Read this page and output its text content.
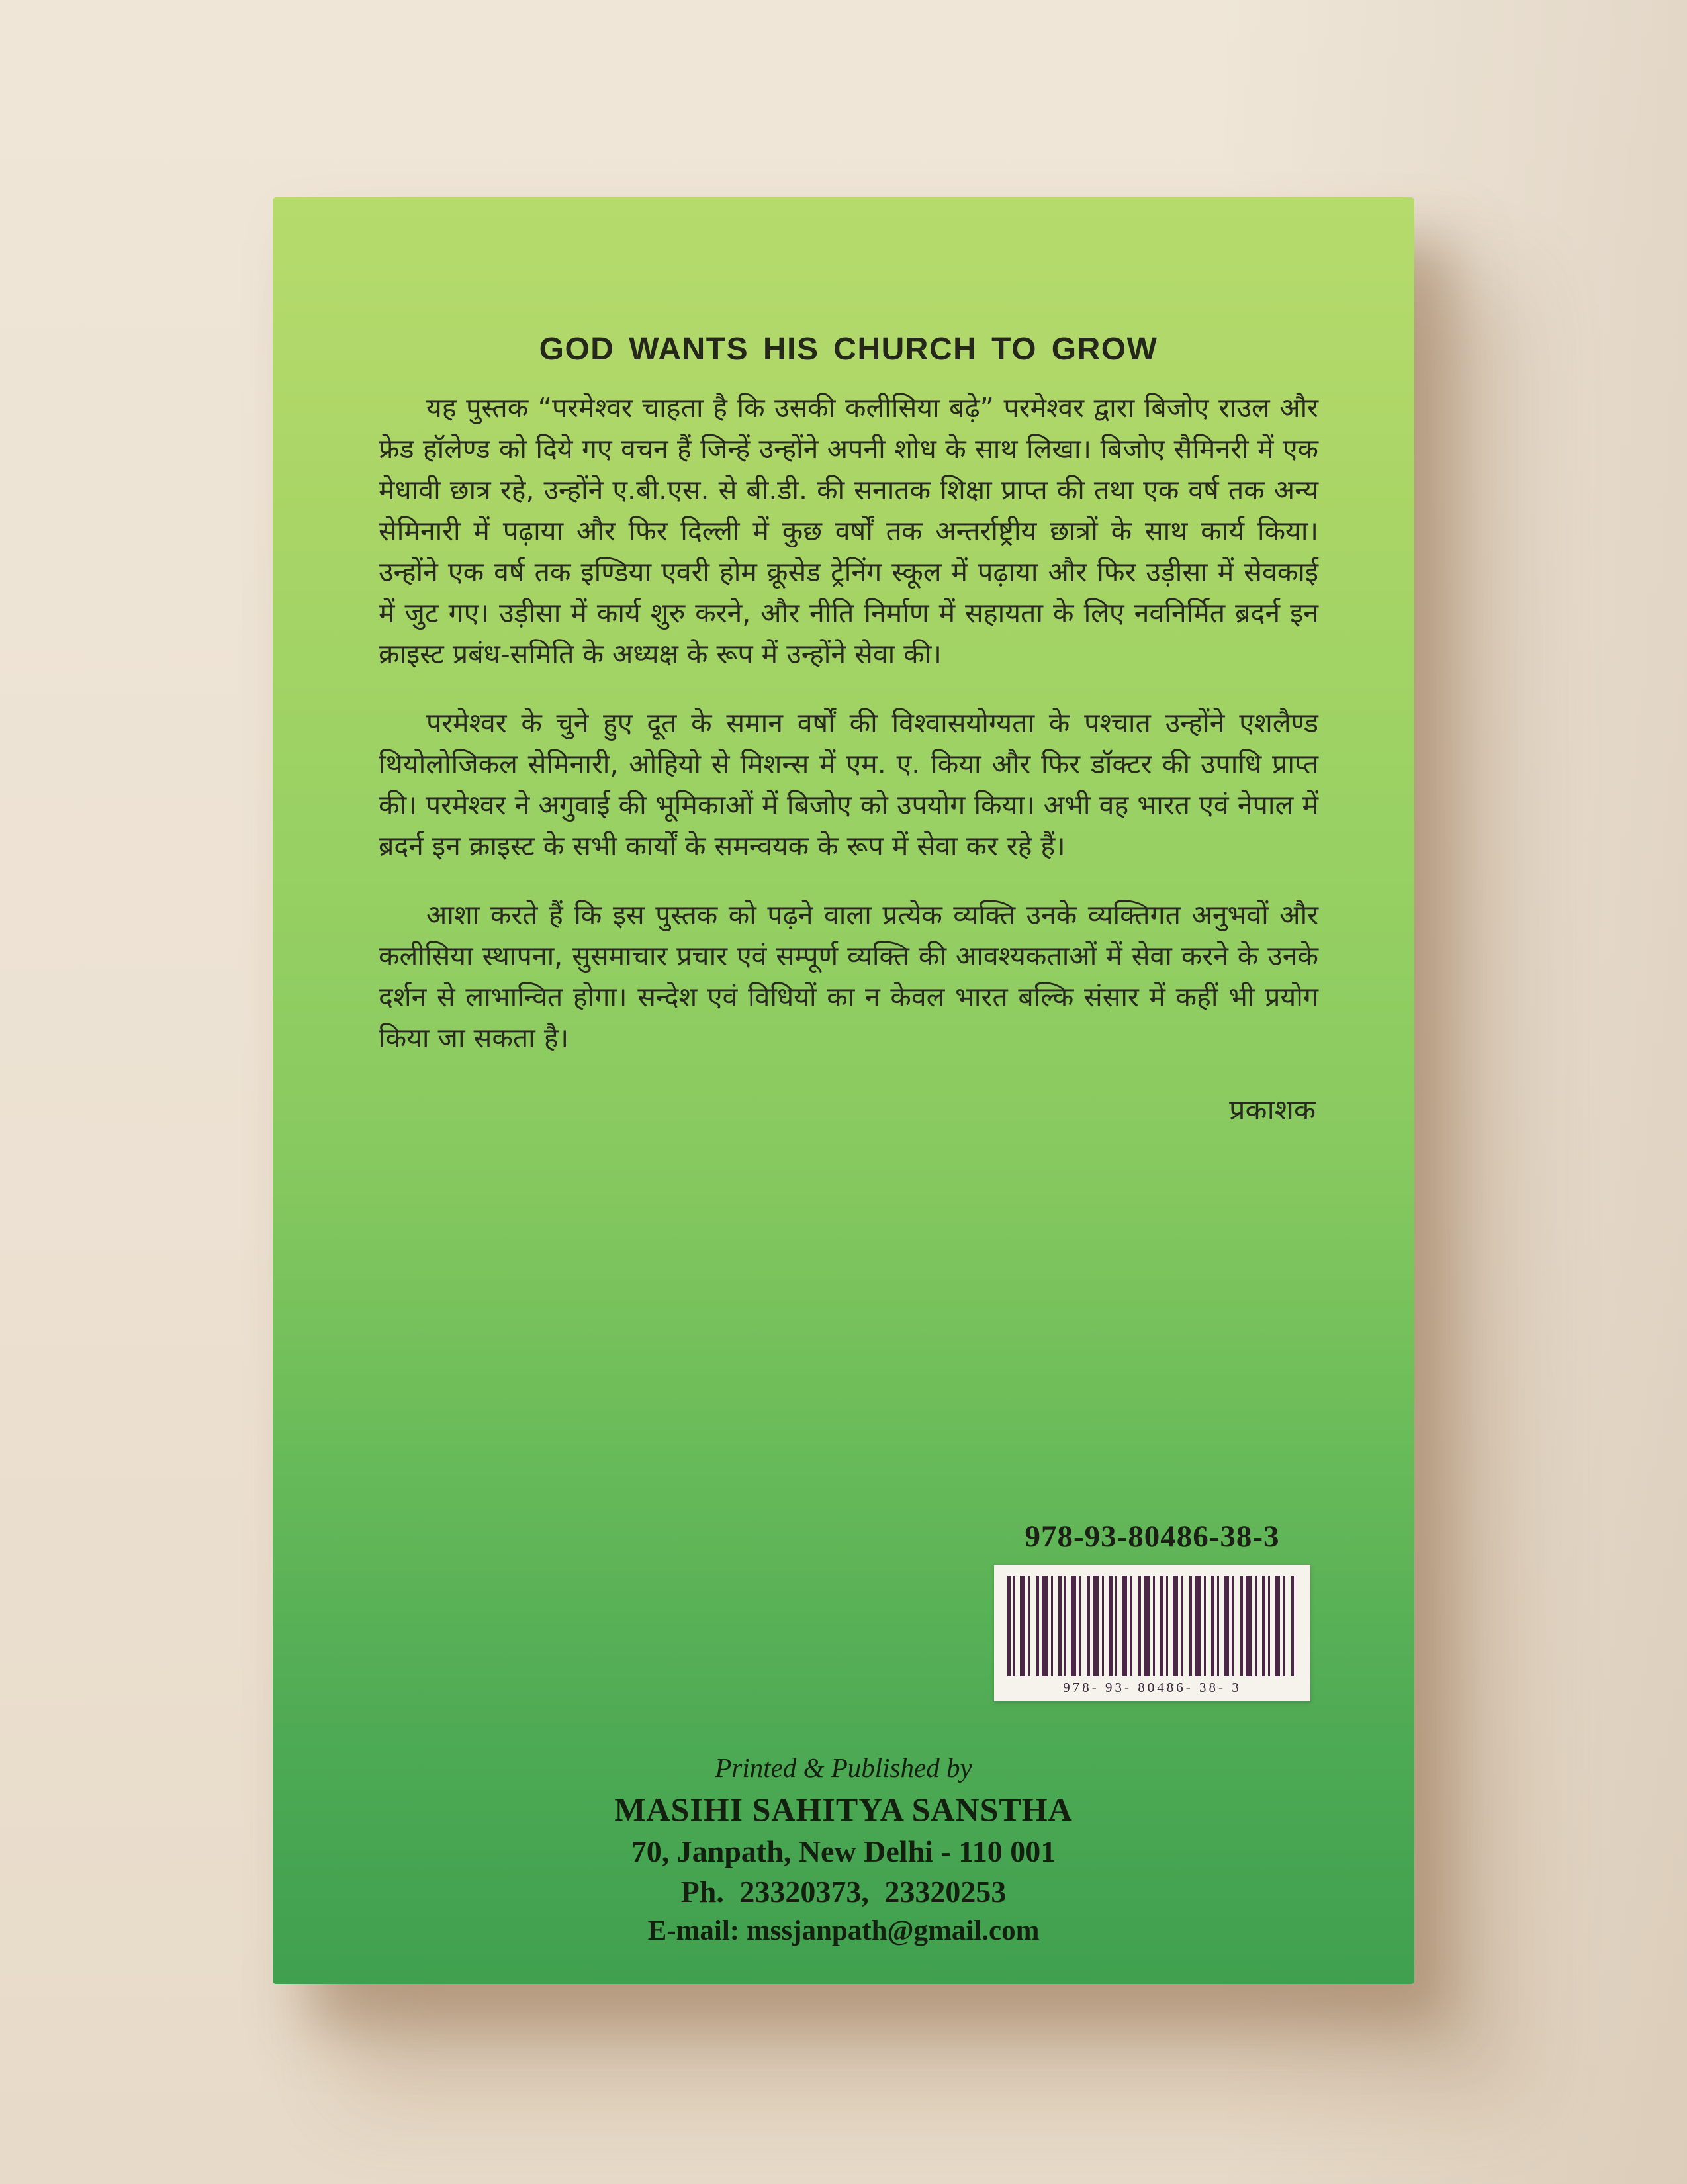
GOD WANTS HIS CHURCH TO GROW

यह पुस्तक “परमेश्वर चाहता है कि उसकी कलीसिया बढ़े” परमेश्वर द्वारा बिजोए राउल और फ्रेड हॉलेण्ड को दिये गए वचन हैं जिन्हें उन्होंने अपनी शोध के साथ लिखा। बिजोए सैमिनरी में एक मेधावी छात्र रहे, उन्होंने ए.बी.एस. से बी.डी. की सनातक शिक्षा प्राप्त की तथा एक वर्ष तक अन्य सेमिनारी में पढ़ाया और फिर दिल्ली में कुछ वर्षों तक अन्तर्राष्ट्रीय छात्रों के साथ कार्य किया। उन्होंने एक वर्ष तक इण्डिया एवरी होम क्रूसेड ट्रेनिंग स्कूल में पढ़ाया और फिर उड़ीसा में सेवकाई में जुट गए। उड़ीसा में कार्य शुरु करने, और नीति निर्माण में सहायता के लिए नवनिर्मित ब्रदर्न इन क्राइस्ट प्रबंध-समिति के अध्यक्ष के रूप में उन्होंने सेवा की।

परमेश्वर के चुने हुए दूत के समान वर्षों की विश्वासयोग्यता के पश्चात उन्होंने एशलैण्ड थियोलोजिकल सेमिनारी, ओहियो से मिशन्स में एम. ए. किया और फिर डॉक्टर की उपाधि प्राप्त की। परमेश्वर ने अगुवाई की भूमिकाओं में बिजोए को उपयोग किया। अभी वह भारत एवं नेपाल में ब्रदर्न इन क्राइस्ट के सभी कार्यों के समन्वयक के रूप में सेवा कर रहे हैं।

आशा करते हैं कि इस पुस्तक को पढ़ने वाला प्रत्येक व्यक्ति उनके व्यक्तिगत अनुभवों और कलीसिया स्थापना, सुसमाचार प्रचार एवं सम्पूर्ण व्यक्ति की आवश्यकताओं में सेवा करने के उनके दर्शन से लाभान्वित होगा। सन्देश एवं विधियों का न केवल भारत बल्कि संसार में कहीं भी प्रयोग किया जा सकता है।

प्रकाशक
978-93-80486-38-3
978- 93- 80486- 38- 3
Printed & Published by
MASIHI SAHITYA SANSTHA
70, Janpath, New Delhi - 110 001
Ph. 23320373, 23320253
E-mail: mssjanpath@gmail.com
